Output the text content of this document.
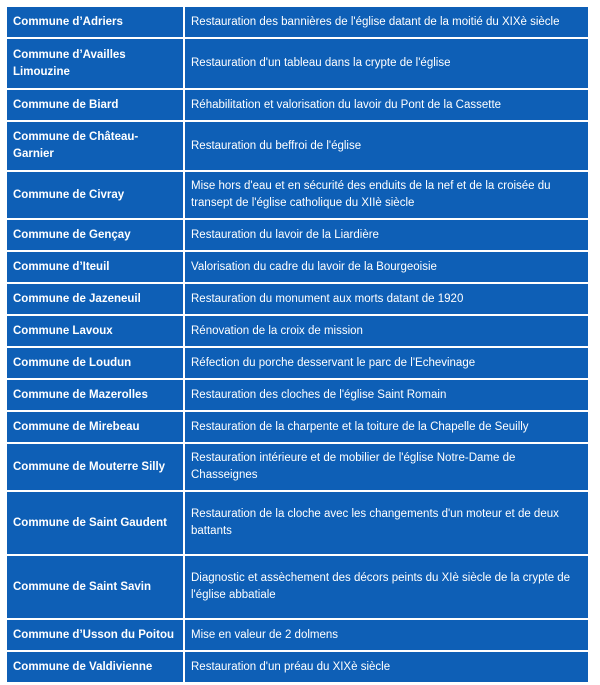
Commune d’Adriers	Restauration des bannières de l'église datant de la moitié du XIXè siècle
Commune d’Availles Limouzine	Restauration d'un tableau dans la crypte de l'église
Commune de Biard	Réhabilitation et valorisation du lavoir du Pont de la Cassette
Commune de Château-Garnier	Restauration du beffroi de l'église
Commune de Civray	Mise hors d'eau et en sécurité des enduits de la nef et de la croisée du transept de l'église catholique du XIIè siècle
Commune de Gençay	Restauration du lavoir de la Liardière
Commune d’Iteuil	Valorisation du cadre du lavoir de la Bourgeoisie
Commune de Jazeneuil	Restauration du monument aux morts datant de 1920
Commune Lavoux	Rénovation de la croix de mission
Commune de Loudun	Réfection du porche desservant le parc de l'Echevinage
Commune de Mazerolles	Restauration des cloches de l'église Saint Romain
Commune de Mirebeau	Restauration de la charpente et la toiture de la Chapelle de Seuilly
Commune de Mouterre Silly	Restauration intérieure et de mobilier de l'église Notre-Dame de Chasseignes
Commune de Saint Gaudent	Restauration de la cloche avec les changements d'un moteur et de deux battants
Commune de Saint Savin	Diagnostic et assèchement des décors peints du XIè siècle de la crypte de l'église abbatiale
Commune d’Usson du Poitou	Mise en valeur de 2 dolmens
Commune de Valdivienne	Restauration d'un préau du XIXè siècle
